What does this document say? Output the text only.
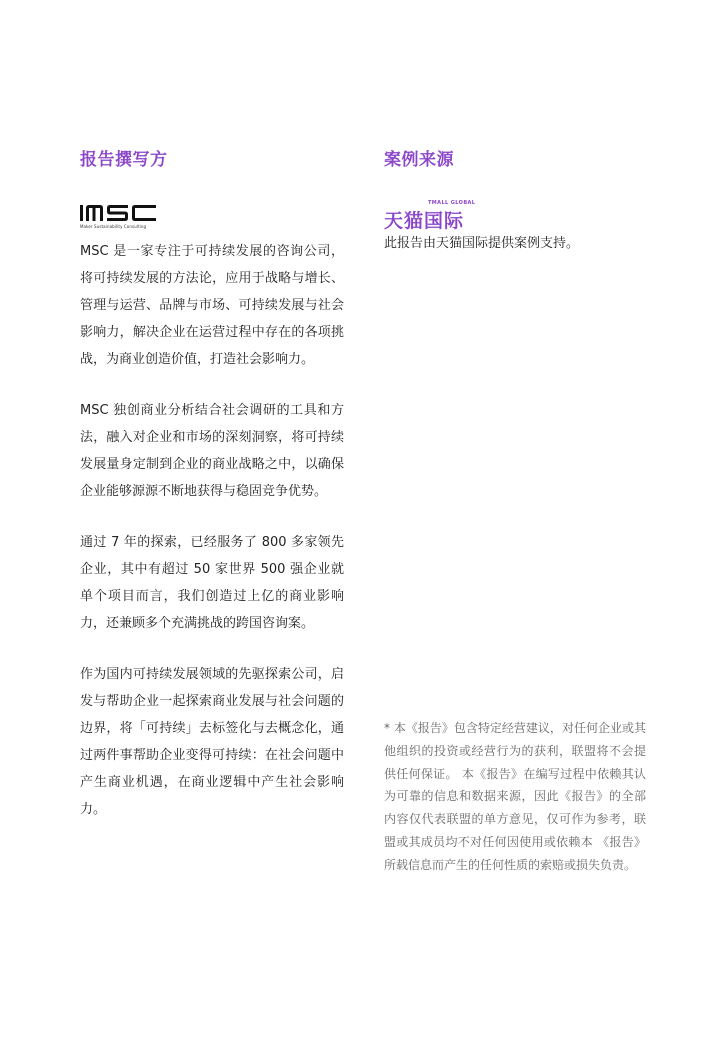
报告撰写方
Maker Sustainability Consulting

MSC 是一家专注于可持续发展的咨询公司，将可持续发展的方法论，应用于战略与增长、管理与运营、品牌与市场、可持续发展与社会影响力，解决企业在运营过程中存在的各项挑战，为商业创造价值，打造社会影响力。

MSC 独创商业分析结合社会调研的工具和方法，融入对企业和市场的深刻洞察，将可持续发展量身定制到企业的商业战略之中，以确保企业能够源源不断地获得与稳固竞争优势。

通过 7 年的探索，已经服务了 800 多家领先企业，其中有超过 50 家世界 500 强企业就单个项目而言，我们创造过上亿的商业影响力，还兼顾多个充满挑战的跨国咨询案。

作为国内可持续发展领域的先驱探索公司，启发与帮助企业一起探索商业发展与社会问题的边界，将「可持续」去标签化与去概念化，通过两件事帮助企业变得可持续：在社会问题中产生商业机遇，在商业逻辑中产生社会影响力。

案例来源
TMALL GLOBAL
天猫国际

此报告由天猫国际提供案例支持。

* 本《报告》包含特定经营建议，对任何企业或其他组织的投资或经营行为的获利，联盟将不会提供任何保证。 本《报告》在编写过程中依赖其认为可靠的信息和数据来源，因此《报告》的全部内容仅代表联盟的单方意见，仅可作为参考，联盟或其成员均不对任何因使用或依赖本 《报告》所载信息而产生的任何性质的索赔或损失负责。
